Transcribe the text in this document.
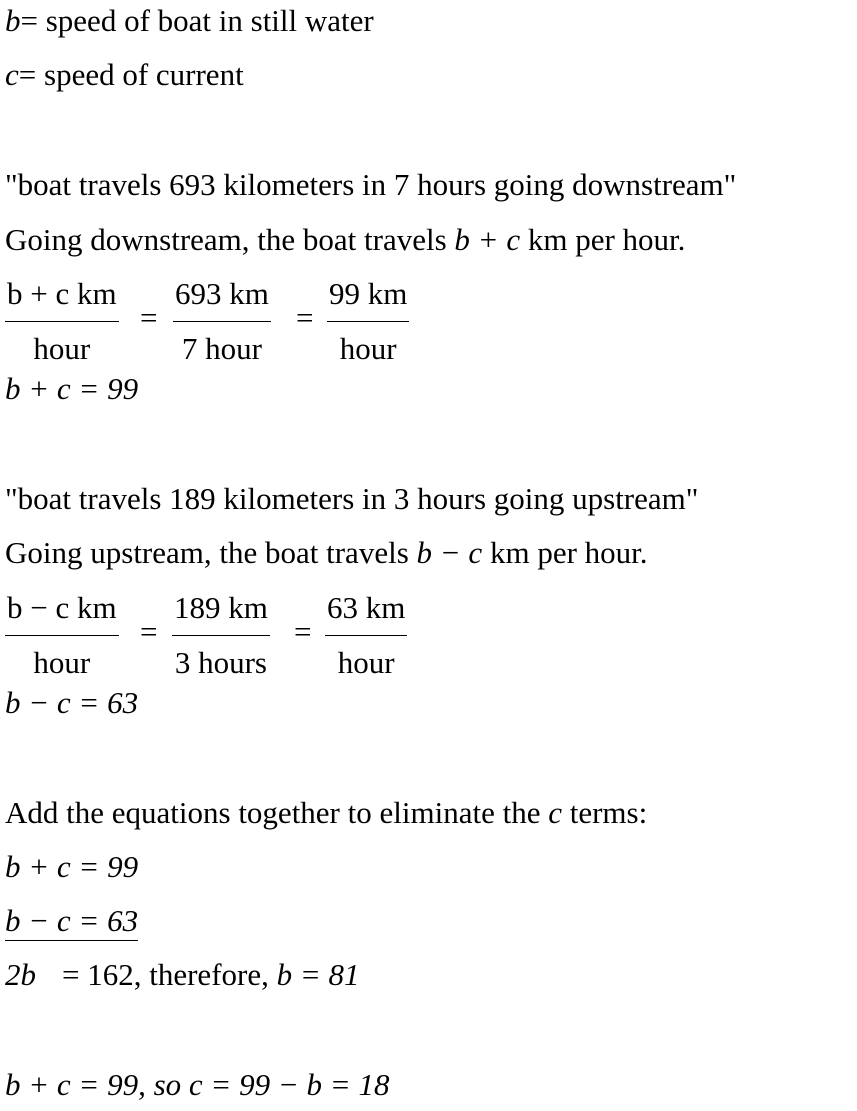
b= speed of boat in still water
c= speed of current
"boat travels 693 kilometers in 7 hours going downstream"
Going downstream, the boat travels b + c km per hour.
b + c km
hour
=
693 km
7 hour
=
99 km
hour
b + c = 99
"boat travels 189 kilometers in 3 hours going upstream"
Going upstream, the boat travels b − c km per hour.
b − c km
hour
=
189 km
3 hours
=
63 km
hour
b − c = 63
Add the equations together to eliminate the c terms:
b + c = 99
b − c = 63
2b = 162, therefore, b = 81
b + c = 99, so c = 99 − b = 18
